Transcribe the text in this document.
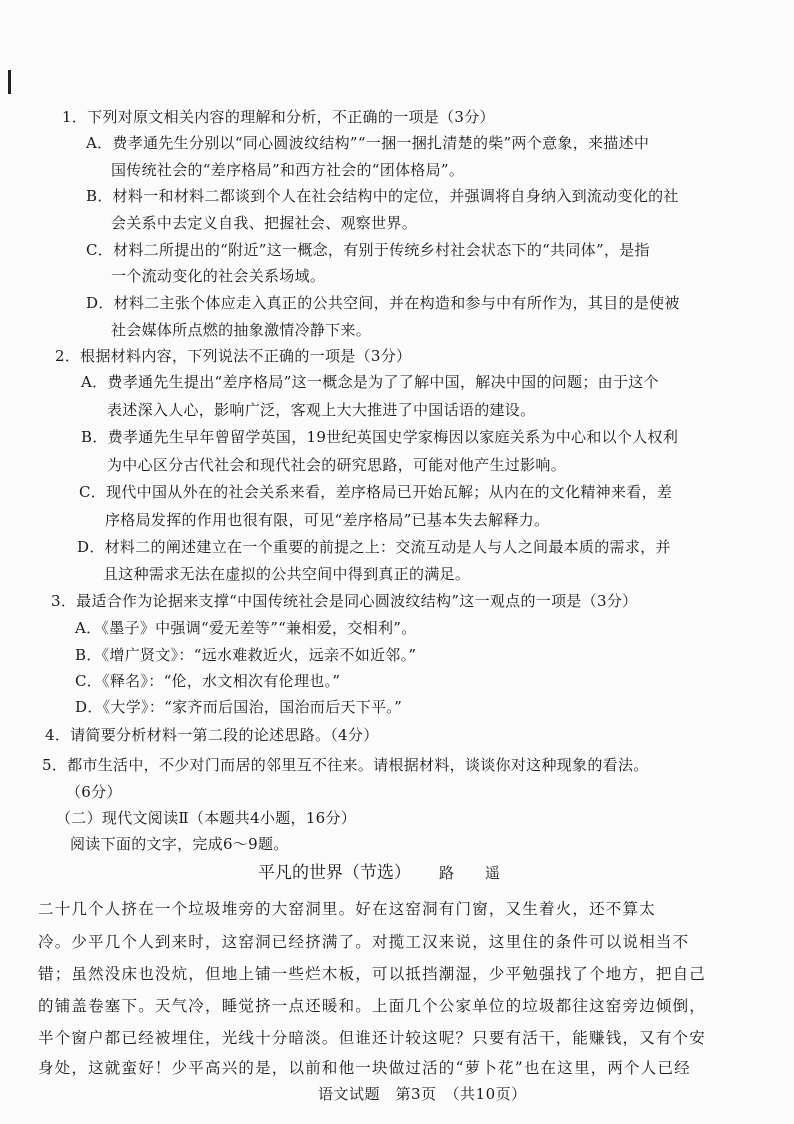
1．下列对原文相关内容的理解和分析，不正确的一项是（3分）
A．费孝通先生分别以“同心圆波纹结构”“一捆一捆扎清楚的柴”两个意象，来描述中
国传统社会的“差序格局”和西方社会的“团体格局”。
B．材料一和材料二都谈到个人在社会结构中的定位，并强调将自身纳入到流动变化的社
会关系中去定义自我、把握社会、观察世界。
C．材料二所提出的“附近”这一概念，有别于传统乡村社会状态下的“共同体”，是指
一个流动变化的社会关系场域。
D．材料二主张个体应走入真正的公共空间，并在构造和参与中有所作为，其目的是使被
社会媒体所点燃的抽象激情冷静下来。
2．根据材料内容，下列说法不正确的一项是（3分）
A．费孝通先生提出“差序格局”这一概念是为了了解中国，解决中国的问题；由于这个
表述深入人心，影响广泛，客观上大大推进了中国话语的建设。
B．费孝通先生早年曾留学英国，19世纪英国史学家梅因以家庭关系为中心和以个人权利
为中心区分古代社会和现代社会的研究思路，可能对他产生过影响。
C．现代中国从外在的社会关系来看，差序格局已开始瓦解；从内在的文化精神来看，差
序格局发挥的作用也很有限，可见“差序格局”已基本失去解释力。
D．材料二的阐述建立在一个重要的前提之上：交流互动是人与人之间最本质的需求，并
且这种需求无法在虚拟的公共空间中得到真正的满足。
3．最适合作为论据来支撑“中国传统社会是同心圆波纹结构”这一观点的一项是（3分）
A．《墨子》中强调“爱无差等”“兼相爱，交相利”。
B．《增广贤文》：“远水难救近火，远亲不如近邻。”
C．《释名》：“伦，水文相次有伦理也。”
D．《大学》：“家齐而后国治，国治而后天下平。”
4．请简要分析材料一第二段的论述思路。（4分）
5．都市生活中，不少对门而居的邻里互不往来。请根据材料，谈谈你对这种现象的看法。
（6分）
（二）现代文阅读Ⅱ（本题共4小题，16分）
阅读下面的文字，完成6～9题。
平凡的世界（节选） 路　遥
二十几个人挤在一个垃圾堆旁的大窑洞里。好在这窑洞有门窗，又生着火，还不算太
冷。少平几个人到来时，这窑洞已经挤满了。对揽工汉来说，这里住的条件可以说相当不
错；虽然没床也没炕，但地上铺一些烂木板，可以抵挡潮湿，少平勉强找了个地方，把自己
的铺盖卷塞下。天气冷，睡觉挤一点还暖和。上面几个公家单位的垃圾都往这窑旁边倾倒，
半个窗户都已经被埋住，光线十分暗淡。但谁还计较这呢？只要有活干，能赚钱，又有个安
身处，这就蛮好！少平高兴的是，以前和他一块做过活的“萝卜花”也在这里，两个人已经
语文试题　第3页　（共10页）
